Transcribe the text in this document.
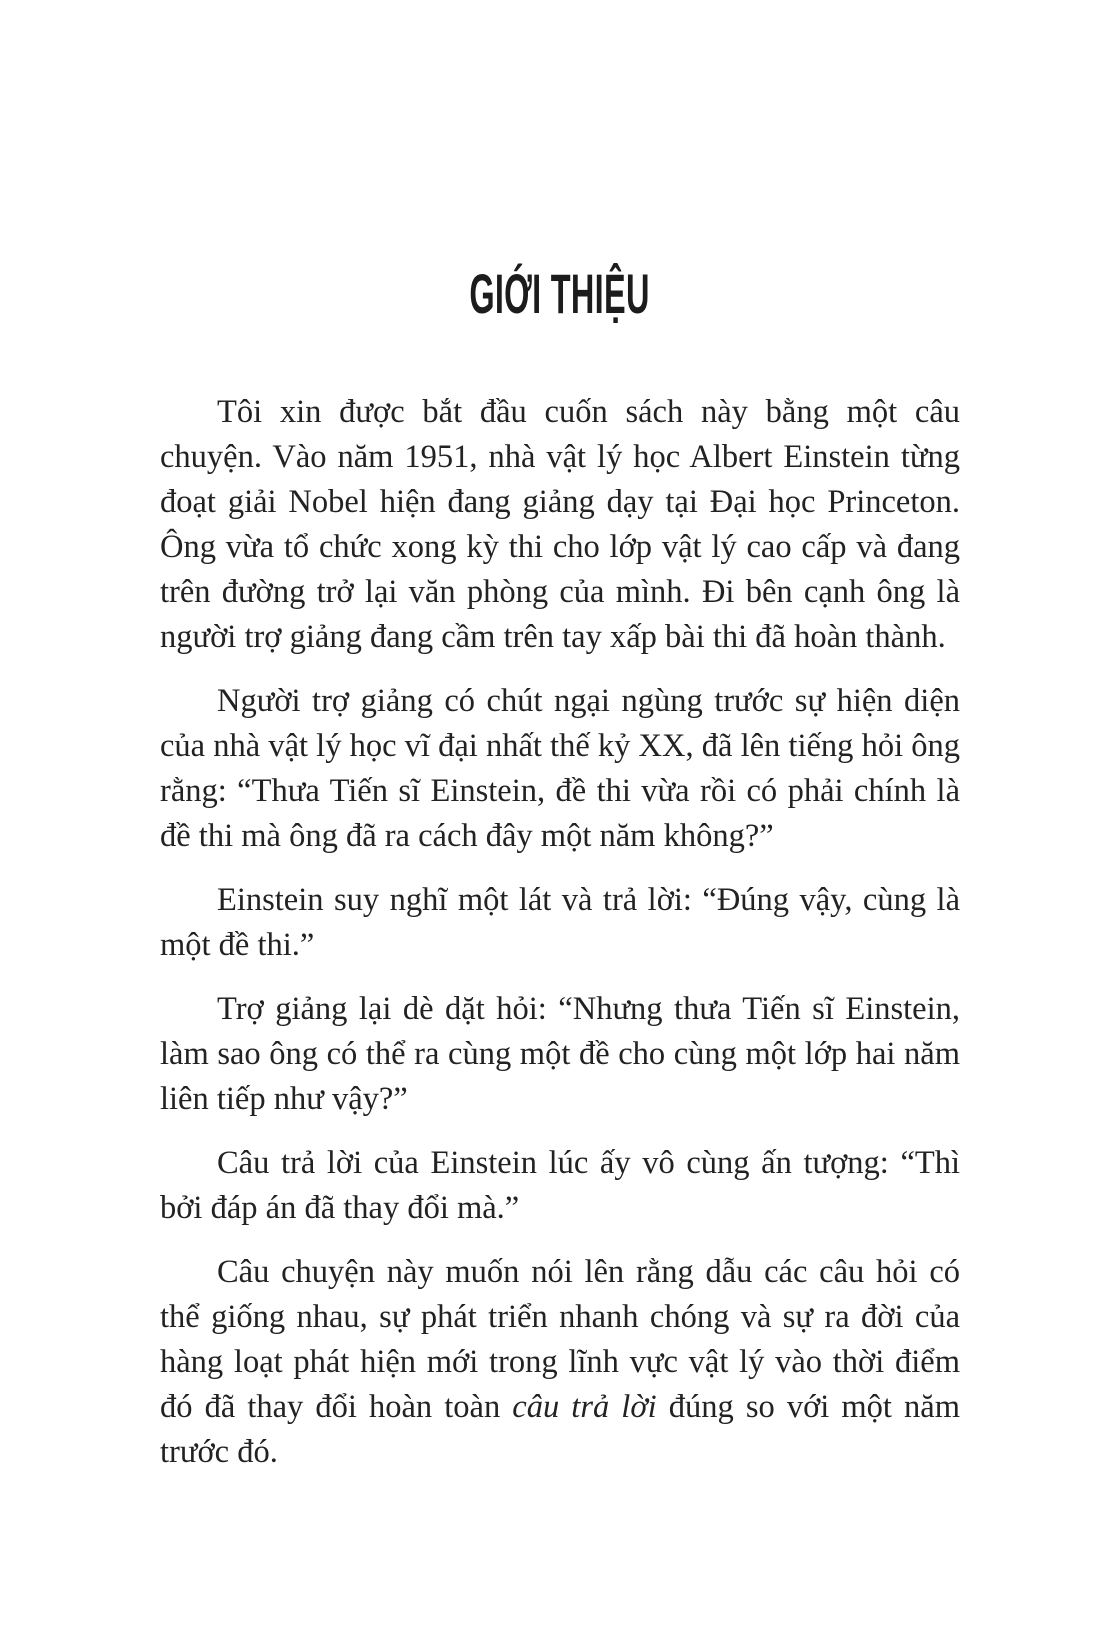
GIỚI THIỆU

Tôi xin được bắt đầu cuốn sách này bằng một câu chuyện. Vào năm 1951, nhà vật lý học Albert Einstein từng đoạt giải Nobel hiện đang giảng dạy tại Đại học Princeton. Ông vừa tổ chức xong kỳ thi cho lớp vật lý cao cấp và đang trên đường trở lại văn phòng của mình. Đi bên cạnh ông là người trợ giảng đang cầm trên tay xấp bài thi đã hoàn thành.

Người trợ giảng có chút ngại ngùng trước sự hiện diện của nhà vật lý học vĩ đại nhất thế kỷ XX, đã lên tiếng hỏi ông rằng: “Thưa Tiến sĩ Einstein, đề thi vừa rồi có phải chính là đề thi mà ông đã ra cách đây một năm không?”

Einstein suy nghĩ một lát và trả lời: “Đúng vậy, cùng là một đề thi.”

Trợ giảng lại dè dặt hỏi: “Nhưng thưa Tiến sĩ Einstein, làm sao ông có thể ra cùng một đề cho cùng một lớp hai năm liên tiếp như vậy?”

Câu trả lời của Einstein lúc ấy vô cùng ấn tượng: “Thì bởi đáp án đã thay đổi mà.”

Câu chuyện này muốn nói lên rằng dẫu các câu hỏi có thể giống nhau, sự phát triển nhanh chóng và sự ra đời của hàng loạt phát hiện mới trong lĩnh vực vật lý vào thời điểm đó đã thay đổi hoàn toàn câu trả lời đúng so với một năm trước đó.
